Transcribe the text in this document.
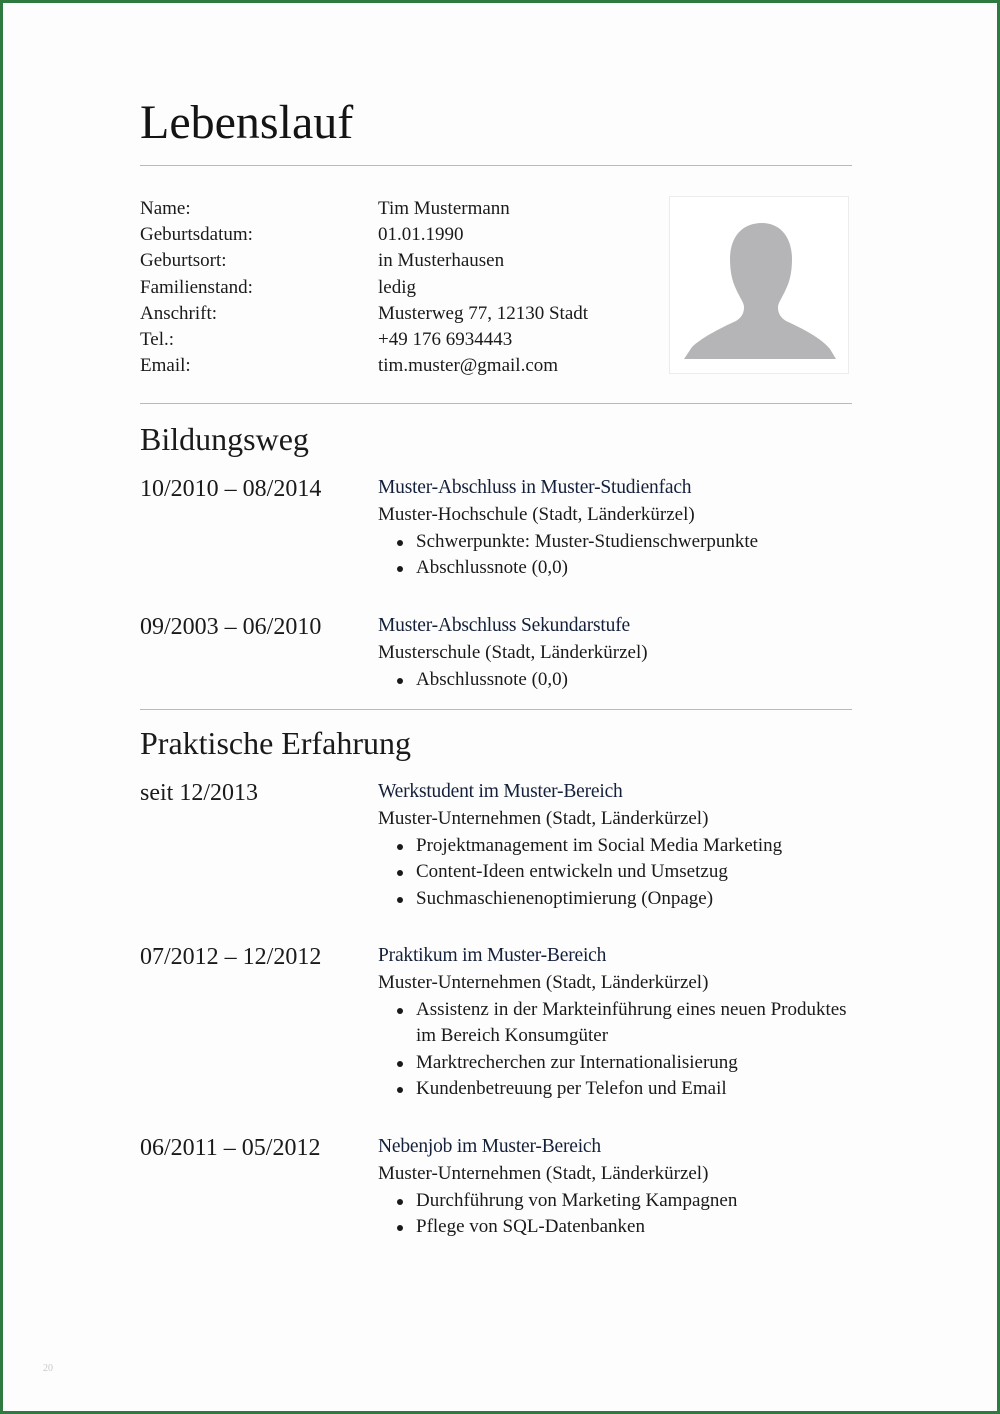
Lebenslauf
Name:	Tim Mustermann
Geburtsdatum:	01.01.1990
Geburtsort:	in Musterhausen
Familienstand:	ledig
Anschrift:	Musterweg 77, 12130 Stadt
Tel.:	+49 176 6934443
Email:	tim.muster@gmail.com
Bildungsweg
10/2010 – 08/2014	Muster-Abschluss in Muster-Studienfach
Muster-Hochschule (Stadt, Länderkürzel)
Schwerpunkte: Muster-Studienschwerpunkte
Abschlussnote (0,0)
09/2003 – 06/2010	Muster-Abschluss Sekundarstufe
Musterschule (Stadt, Länderkürzel)
Abschlussnote (0,0)
Praktische Erfahrung
seit 12/2013	Werkstudent im Muster-Bereich
Muster-Unternehmen (Stadt, Länderkürzel)
Projektmanagement im Social Media Marketing
Content-Ideen entwickeln und Umsetzug
Suchmaschienenoptimierung (Onpage)
07/2012 – 12/2012	Praktikum im Muster-Bereich
Muster-Unternehmen (Stadt, Länderkürzel)
Assistenz in der Markteinführung eines neuen Produktes im Bereich Konsumgüter
Marktrecherchen zur Internationalisierung
Kundenbetreuung per Telefon und Email
06/2011 – 05/2012	Nebenjob im Muster-Bereich
Muster-Unternehmen (Stadt, Länderkürzel)
Durchführung von Marketing Kampagnen
Pflege von SQL-Datenbanken
20
